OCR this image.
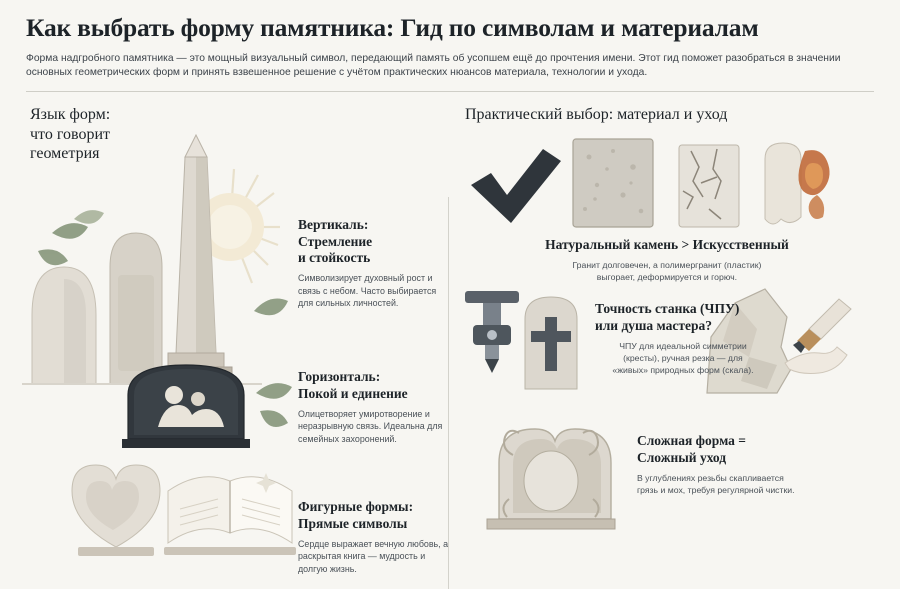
Как выбрать форму памятника: Гид по символам и материалам
Форма надгробного памятника — это мощный визуальный символ, передающий память об усопшем ещё до прочтения имени. Этот гид поможет разобраться в значении основных геометрических форм и принять взвешенное решение с учётом практических нюансов материала, технологии и ухода.
Язык форм:
что говорит
геометрия
Вертикаль:
Стремление
и стойкость
Символизирует духовный рост и связь с небом. Часто выбирается для сильных личностей.
Горизонталь:
Покой и единение
Олицетворяет умиротворение и неразрывную связь. Идеальна для семейных захоронений.
Фигурные формы:
Прямые символы
Сердце выражает вечную любовь, а раскрытая книга — мудрость и долгую жизнь.
Практический выбор: материал и уход
Натуральный камень > Искусственный
Гранит долговечен, а полимергранит (пластик)
выгорает, деформируется и горюч.
Точность станка (ЧПУ)
или душа мастера?
ЧПУ для идеальной симметрии
(кресты), ручная резка — для
«живых» природных форм (скала).
Сложная форма =
Сложный уход
В углублениях резьбы скапливается
грязь и мох, требуя регулярной чистки.
